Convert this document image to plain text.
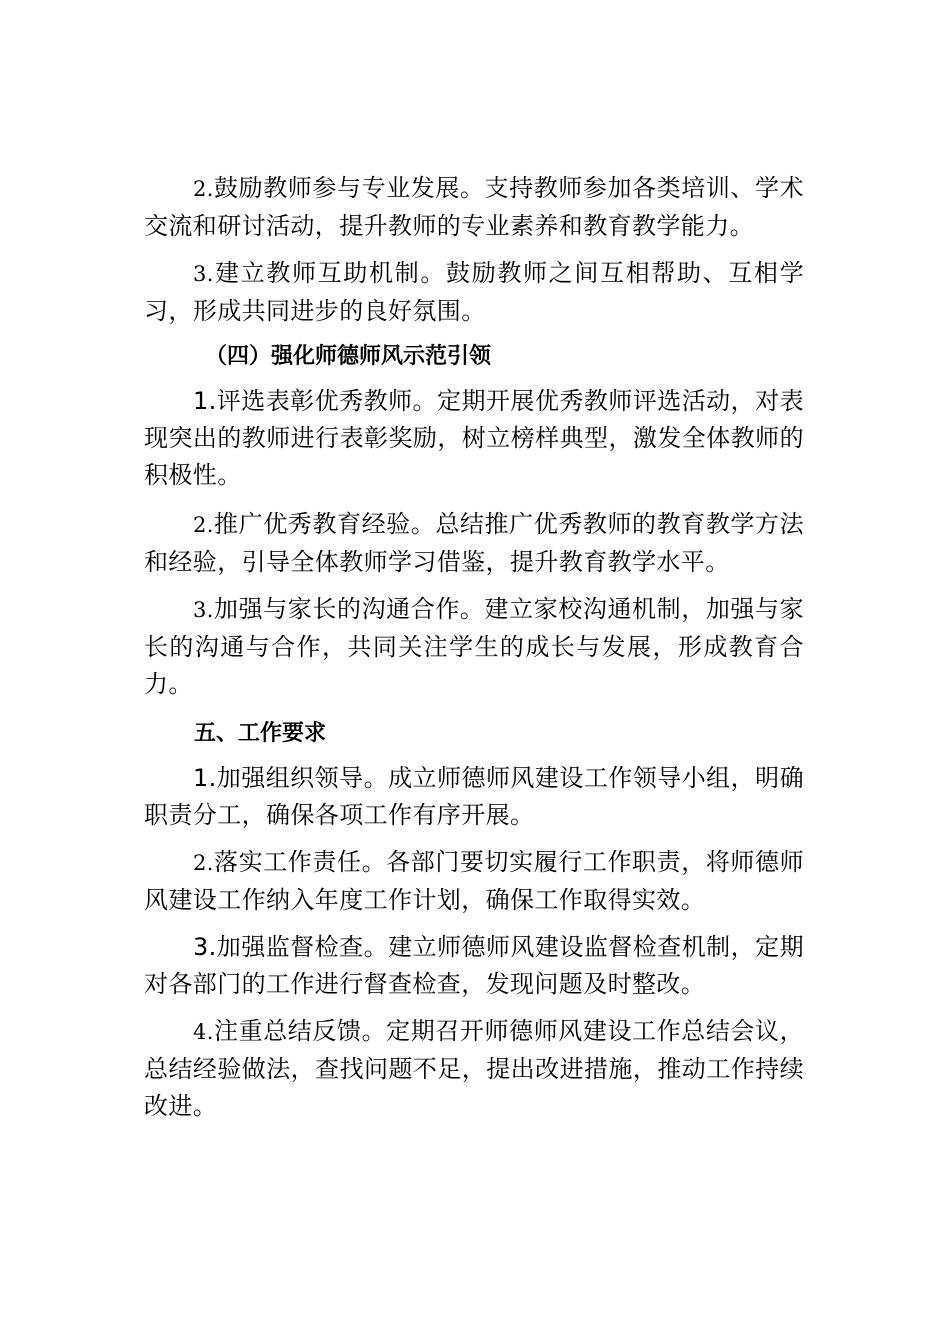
2.鼓励教师参与专业发展。支持教师参加各类培训、学术交流和研讨活动，提升教师的专业素养和教育教学能力。

3.建立教师互助机制。鼓励教师之间互相帮助、互相学习，形成共同进步的良好氛围。

（四）强化师德师风示范引领

1.评选表彰优秀教师。定期开展优秀教师评选活动，对表现突出的教师进行表彰奖励，树立榜样典型，激发全体教师的积极性。

2.推广优秀教育经验。总结推广优秀教师的教育教学方法和经验，引导全体教师学习借鉴，提升教育教学水平。

3.加强与家长的沟通合作。建立家校沟通机制，加强与家长的沟通与合作，共同关注学生的成长与发展，形成教育合力。

五、工作要求

1.加强组织领导。成立师德师风建设工作领导小组，明确职责分工，确保各项工作有序开展。

2.落实工作责任。各部门要切实履行工作职责，将师德师风建设工作纳入年度工作计划，确保工作取得实效。

3.加强监督检查。建立师德师风建设监督检查机制，定期对各部门的工作进行督查检查，发现问题及时整改。

4.注重总结反馈。定期召开师德师风建设工作总结会议，总结经验做法，查找问题不足，提出改进措施，推动工作持续改进。
